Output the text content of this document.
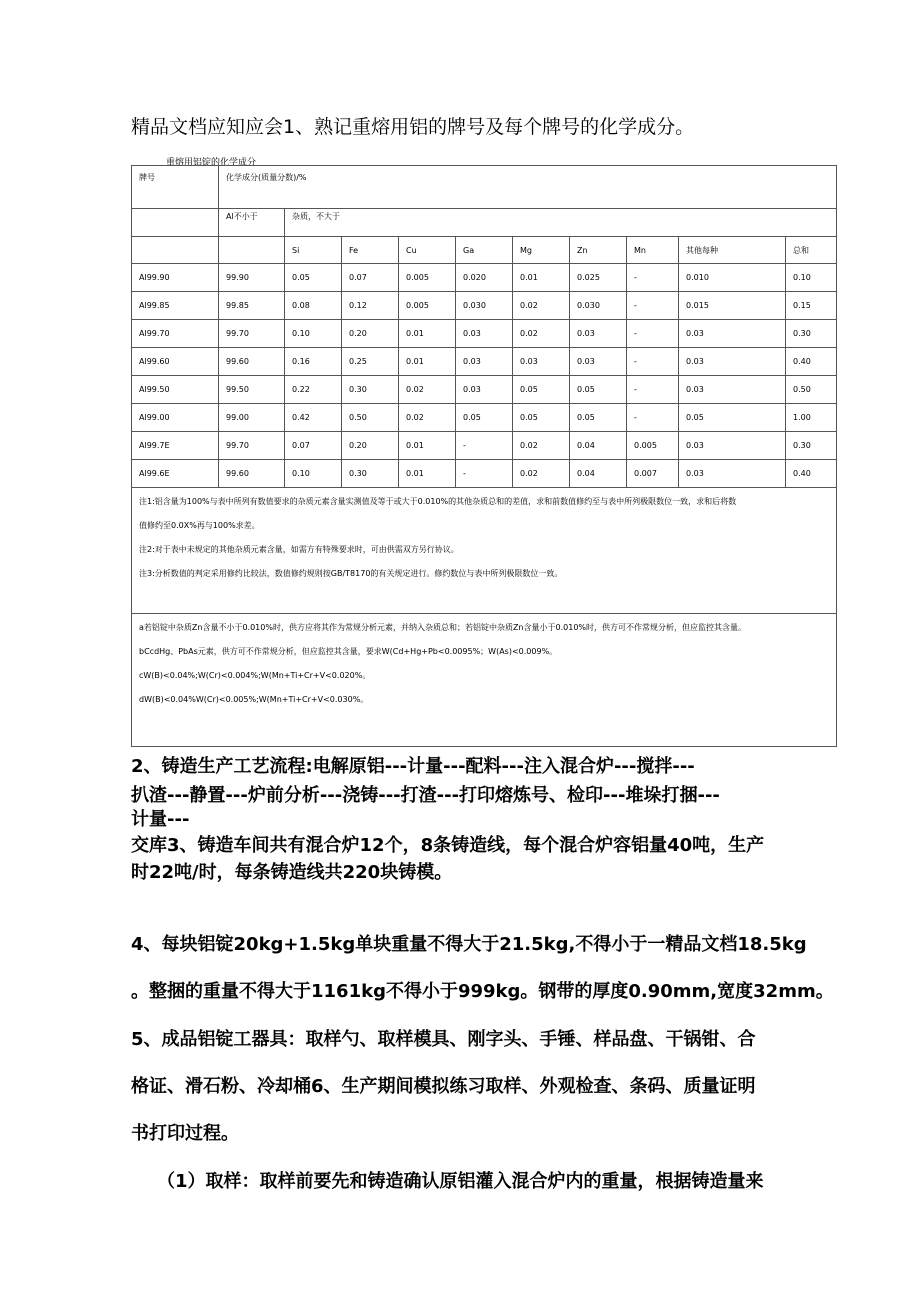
精品文档应知应会1、熟记重熔用铝的牌号及每个牌号的化学成分。
重熔用铝锭的化学成分
牌号	化学成分(质量分数)/%									
	Al不小于	杂质，不大于								
		Si	Fe	Cu	Ga	Mg	Zn	Mn	其他每种	总和
Al99.90	99.90	0.05	0.07	0.005	0.020	0.01	0.025	-	0.010	0.10
Al99.85	99.85	0.08	0.12	0.005	0.030	0.02	0.030	-	0.015	0.15
Al99.70	99.70	0.10	0.20	0.01	0.03	0.02	0.03	-	0.03	0.30
Al99.60	99.60	0.16	0.25	0.01	0.03	0.03	0.03	-	0.03	0.40
Al99.50	99.50	0.22	0.30	0.02	0.03	0.05	0.05	-	0.03	0.50
Al99.00	99.00	0.42	0.50	0.02	0.05	0.05	0.05	-	0.05	1.00
Al99.7E	99.70	0.07	0.20	0.01	-	0.02	0.04	0.005	0.03	0.30
Al99.6E	99.60	0.10	0.30	0.01	-	0.02	0.04	0.007	0.03	0.40

注1:铝含量为100%与表中所列有数值要求的杂质元素含量实测值及等于或大于0.010%的其他杂质总和的差值，求和前数值修约至与表中所列极限数位一致，求和后将数
值修约至0.0X%再与100%求差。
注2:对于表中未规定的其他杂质元素含量，如需方有特殊要求时，可由供需双方另行协议。
注3:分析数值的判定采用修约比较法，数值修约规则按GB/T8170的有关规定进行。修约数位与表中所列极限数位一致。										

a若铝锭中杂质Zn含量不小于0.010%时，供方应将其作为常规分析元素，并纳入杂质总和；若铝锭中杂质Zn含量小于0.010%时，供方可不作常规分析，但应监控其含量。
bCcdHg、PbAs元素，供方可不作常规分析，但应监控其含量，要求W(Cd+Hg+Pb<0.0095%；W(As)<0.009%。
cW(B)<0.04%;W(Cr)<0.004%;W(Mn+Ti+Cr+V<0.020%。
dW(B)<0.04%W(Cr)<0.005%;W(Mn+Ti+Cr+V<0.030%。										
2、铸造生产工艺流程:电解原铝---计量---配料---注入混合炉---搅拌---
扒渣---静置---炉前分析---浇铸---打渣---打印熔炼号、检印---堆垛打捆---
计量---
交库3、铸造车间共有混合炉12个，8条铸造线，每个混合炉容铝量40吨，生产
时22吨/时，每条铸造线共220块铸模。
4、每块铝锭20kg+1.5kg单块重量不得大于21.5kg,不得小于一精品文档18.5kg
。整捆的重量不得大于1161kg不得小于999kg。钢带的厚度0.90mm,宽度32mm。
5、成品铝锭工器具：取样勺、取样模具、刚字头、手锤、样品盘、干锅钳、合
格证、滑石粉、冷却桶6、生产期间模拟练习取样、外观检查、条码、质量证明
书打印过程。
（1）取样：取样前要先和铸造确认原铝灌入混合炉内的重量，根据铸造量来
